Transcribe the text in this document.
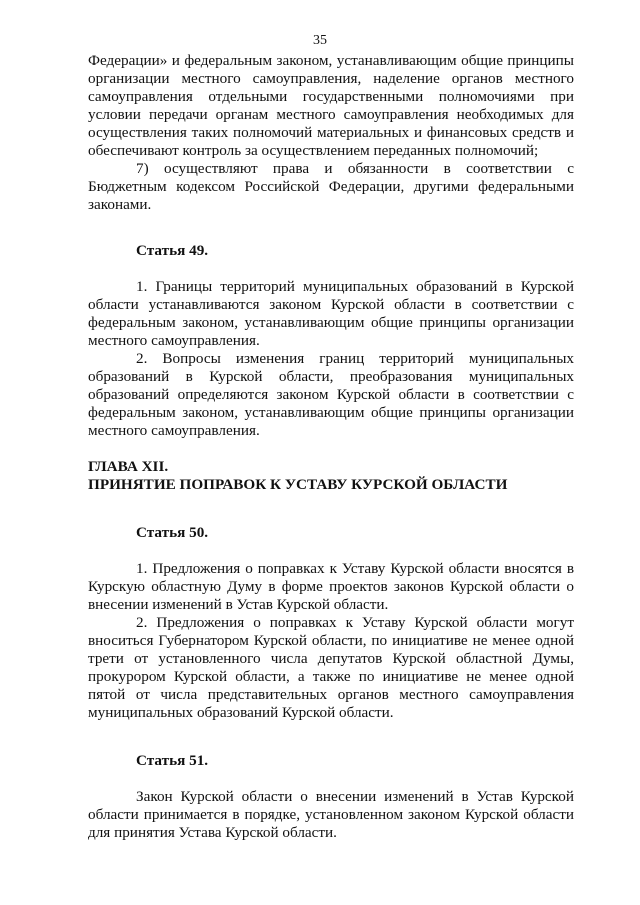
35

Федерации» и федеральным законом, устанавливающим общие принципы организации местного самоуправления, наделение органов местного самоуправления отдельными государственными полномочиями при условии передачи органам местного самоуправления необходимых для осуществления таких полномочий материальных и финансовых средств и обеспечивают контроль за осуществлением переданных полномочий;

7) осуществляют права и обязанности в соответствии с Бюджетным кодексом Российской Федерации, другими федеральными законами.

Статья 49.

1. Границы территорий муниципальных образований в Курской области устанавливаются законом Курской области в соответствии с федеральным законом, устанавливающим общие принципы организации местного самоуправления.

2. Вопросы изменения границ территорий муниципальных образований в Курской области, преобразования муниципальных образований определяются законом Курской области в соответствии с федеральным законом, устанавливающим общие принципы организации местного самоуправления.

ГЛАВА XII.

ПРИНЯТИЕ ПОПРАВОК К УСТАВУ КУРСКОЙ ОБЛАСТИ

Статья 50.

1. Предложения о поправках к Уставу Курской области вносятся в Курскую областную Думу в форме проектов законов Курской области о внесении изменений в Устав Курской области.

2. Предложения о поправках к Уставу Курской области могут вноситься Губернатором Курской области, по инициативе не менее одной трети от установленного числа депутатов Курской областной Думы, прокурором Курской области, а также по инициативе не менее одной пятой от числа представительных органов местного самоуправления муниципальных образований Курской области.

Статья 51.

Закон Курской области о внесении изменений в Устав Курской области принимается в порядке, установленном законом Курской области для принятия Устава Курской области.
